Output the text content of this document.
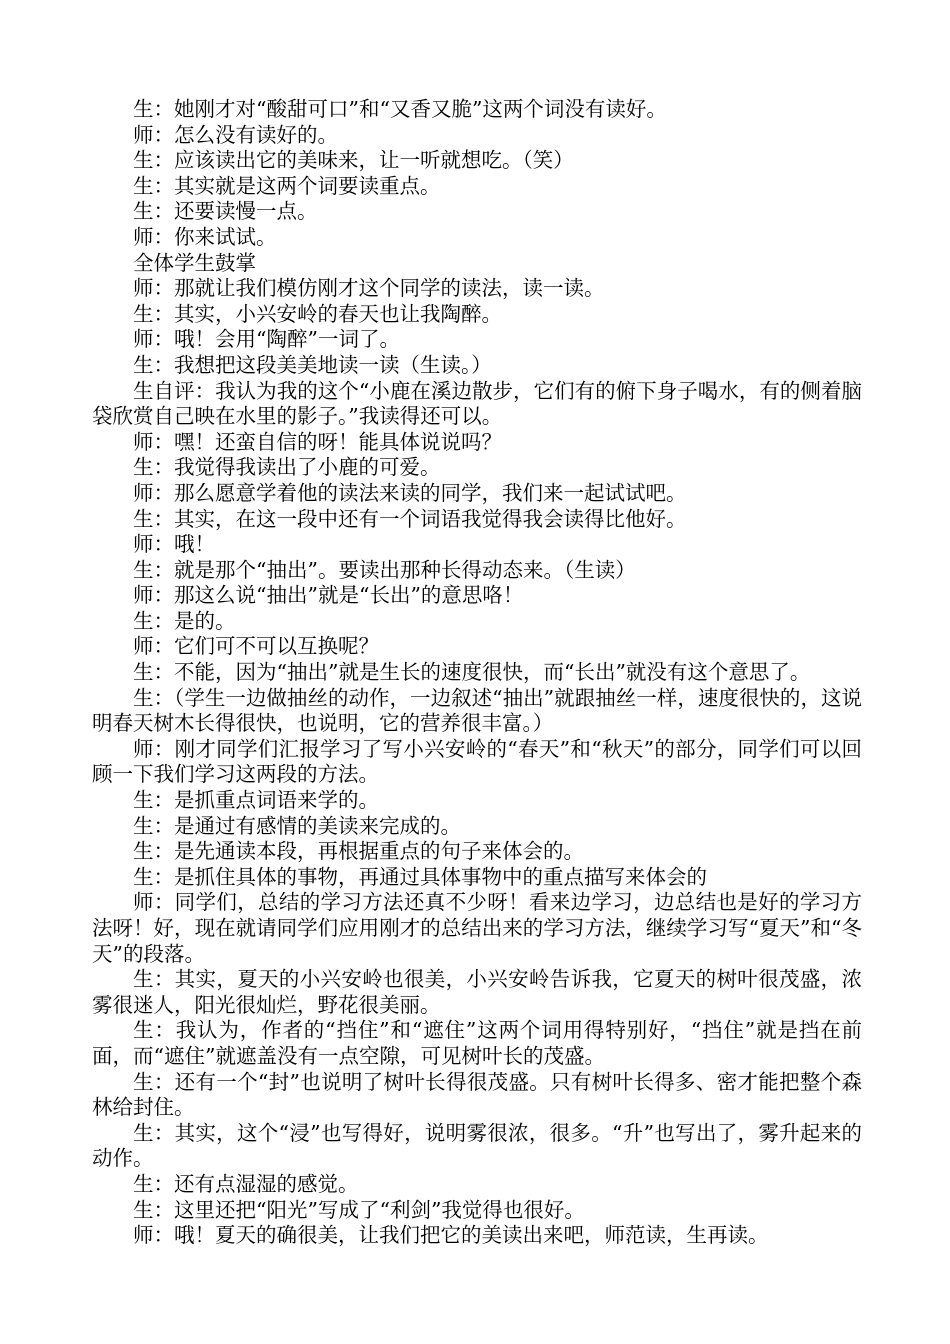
生：她刚才对“酸甜可口”和“又香又脆”这两个词没有读好。

师：怎么没有读好的。

生：应该读出它的美味来，让一听就想吃。（笑）

生：其实就是这两个词要读重点。

生：还要读慢一点。

师：你来试试。

全体学生鼓掌

师：那就让我们模仿刚才这个同学的读法，读一读。

生：其实，小兴安岭的春天也让我陶醉。

师：哦！会用“陶醉”一词了。

生：我想把这段美美地读一读（生读。）

生自评：我认为我的这个“小鹿在溪边散步，它们有的俯下身子喝水，有的侧着脑袋欣赏自己映在水里的影子。”我读得还可以。

师：嘿！还蛮自信的呀！能具体说说吗？

生：我觉得我读出了小鹿的可爱。

师：那么愿意学着他的读法来读的同学，我们来一起试试吧。

生：其实，在这一段中还有一个词语我觉得我会读得比他好。

师：哦！

生：就是那个“抽出”。要读出那种长得动态来。（生读）

师：那这么说“抽出”就是“长出”的意思咯！

生：是的。

师：它们可不可以互换呢？

生：不能，因为“抽出”就是生长的速度很快，而“长出”就没有这个意思了。

生：（学生一边做抽丝的动作，一边叙述“抽出”就跟抽丝一样，速度很快的，这说明春天树木长得很快，也说明，它的营养很丰富。）

师：刚才同学们汇报学习了写小兴安岭的“春天”和“秋天”的部分，同学们可以回顾一下我们学习这两段的方法。

生：是抓重点词语来学的。

生：是通过有感情的美读来完成的。

生：是先通读本段，再根据重点的句子来体会的。

生：是抓住具体的事物，再通过具体事物中的重点描写来体会的

师：同学们，总结的学习方法还真不少呀！看来边学习，边总结也是好的学习方法呀！好，现在就请同学们应用刚才的总结出来的学习方法，继续学习写“夏天”和“冬天”的段落。

生：其实，夏天的小兴安岭也很美，小兴安岭告诉我，它夏天的树叶很茂盛，浓雾很迷人，阳光很灿烂，野花很美丽。

生：我认为，作者的“挡住”和“遮住”这两个词用得特别好，“挡住”就是挡在前面，而“遮住”就遮盖没有一点空隙，可见树叶长的茂盛。

生：还有一个“封”也说明了树叶长得很茂盛。只有树叶长得多、密才能把整个森林给封住。

生：其实，这个“浸”也写得好，说明雾很浓，很多。“升”也写出了，雾升起来的动作。

生：还有点湿湿的感觉。

生：这里还把“阳光”写成了“利剑”我觉得也很好。

师：哦！夏天的确很美，让我们把它的美读出来吧，师范读，生再读。
